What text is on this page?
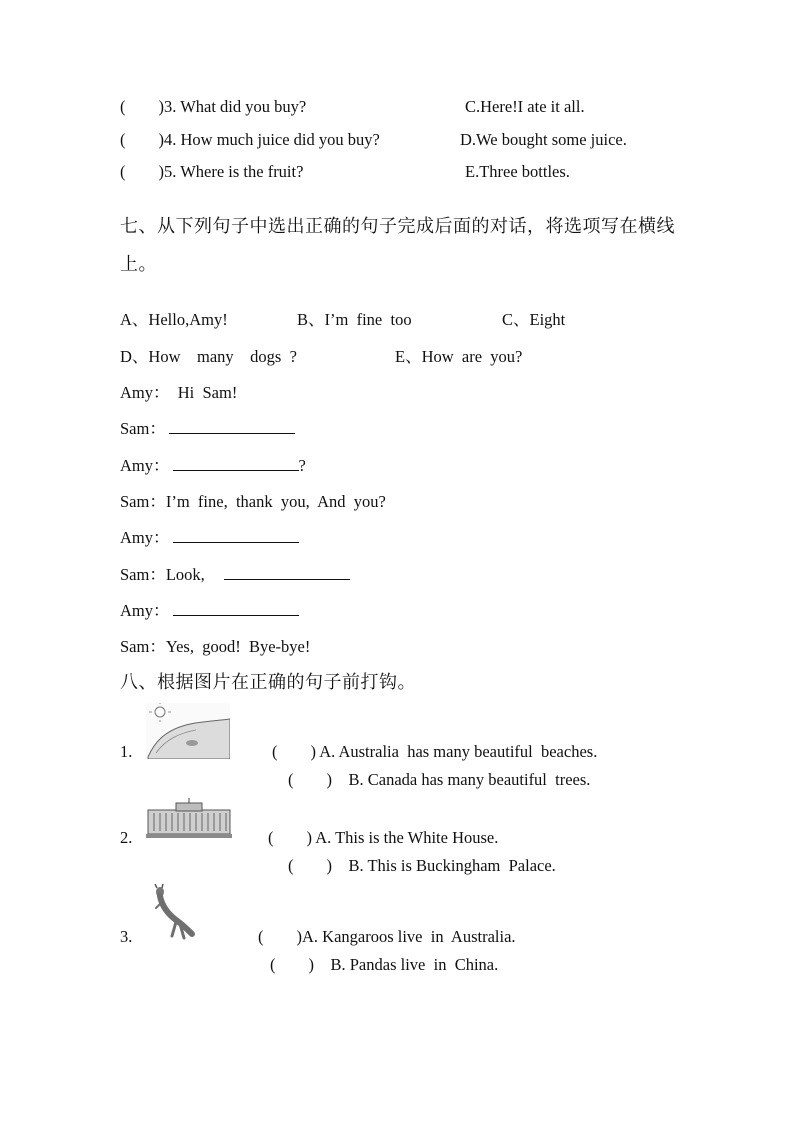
(        )3. What did you buy?	C.Here!I ate it all.
(        )4. How much juice did you buy?	D.We bought some juice.
(        )5. Where is the fruit?	E.Three bottles.
七、从下列句子中选出正确的句子完成后面的对话，将选项写在横线
上。
A、Hello,Amy!	B、I’m  fine  too	C、Eight
D、How    many    dogs  ?	E、How  are  you?
Amy：  Hi  Sam!
Sam：
Amy：	?
Sam：I’m  fine,  thank  you,  And  you?
Amy：
Sam：Look,
Amy：
Sam：Yes,  good!  Bye-bye!
八、根据图片在正确的句子前打钩。
1.	(        ) A. Australia  has many beautiful  beaches.
(        )    B. Canada has many beautiful  trees.
2.	(        ) A. This is the White House.
(        )    B. This is Buckingham  Palace.
3.	(        )A. Kangaroos live  in  Australia.
(        )    B. Pandas live  in  China.
